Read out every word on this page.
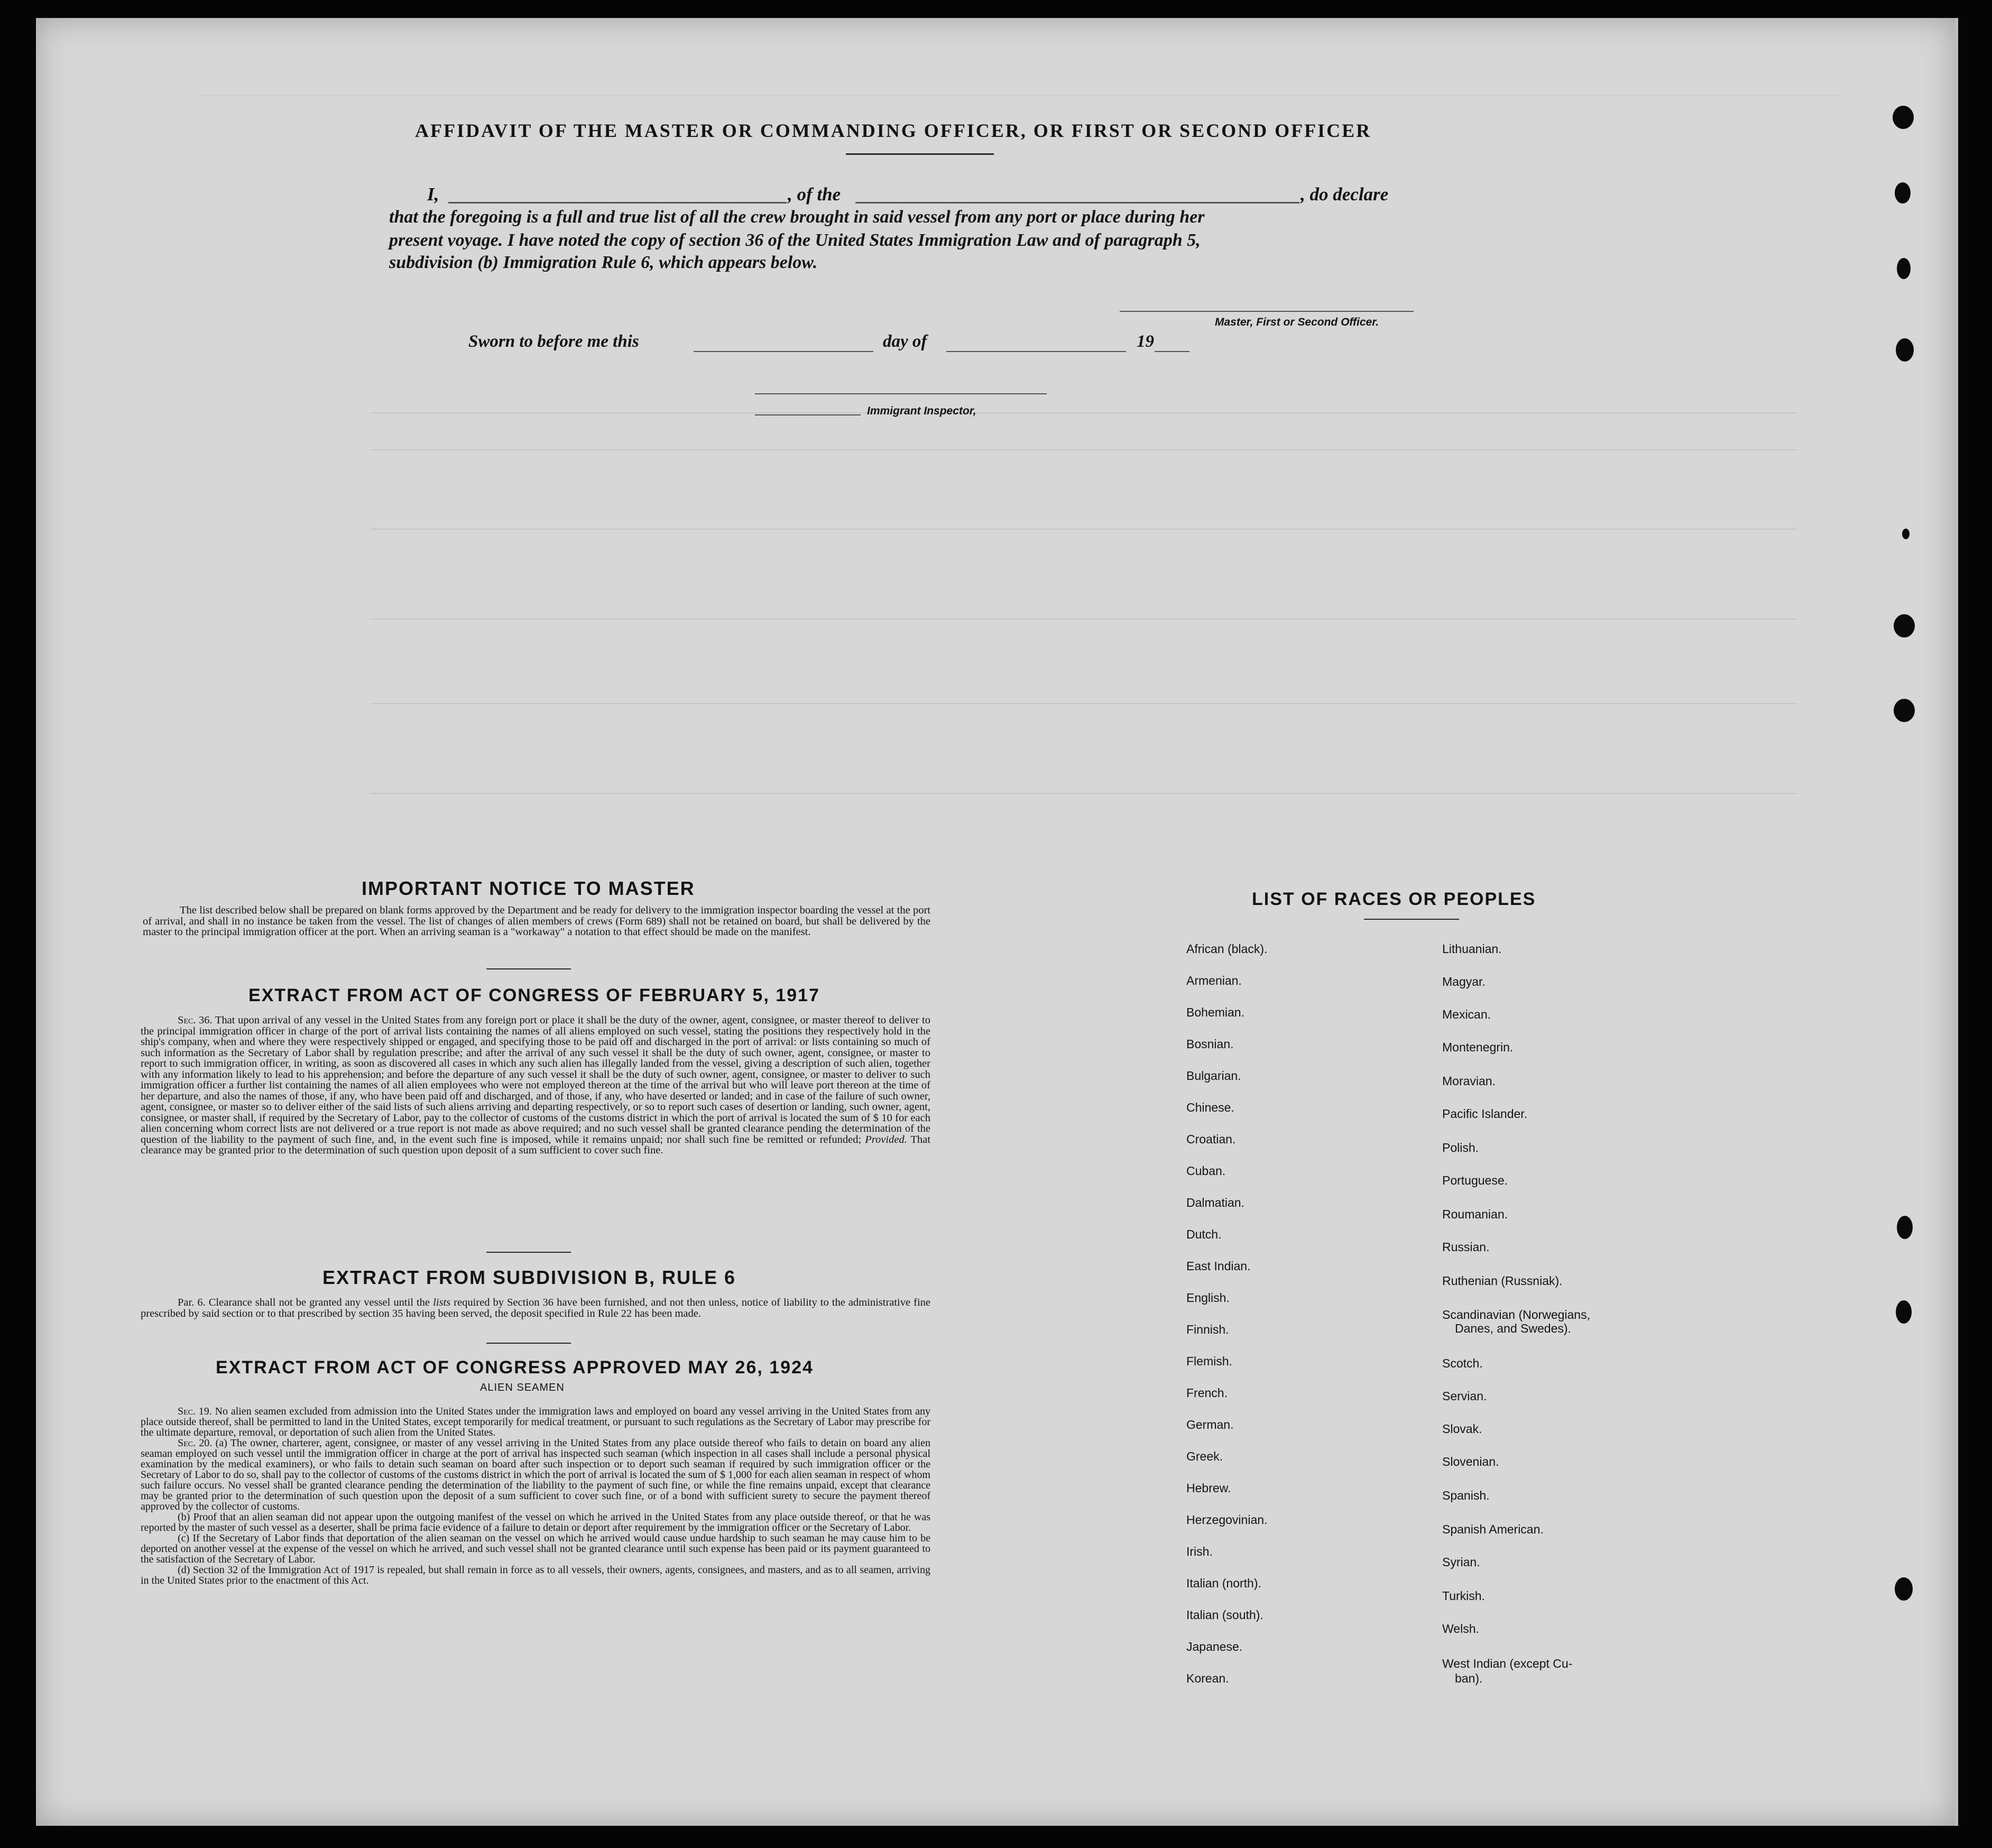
AFFIDAVIT OF THE MASTER OR COMMANDING OFFICER, OR FIRST OR SECOND OFFICER
I,	, of the	, do declare
that the foregoing is a full and true list of all the crew brought in said vessel from any port or place during her
present voyage. I have noted the copy of section 36 of the United States Immigration Law and of paragraph 5,
subdivision (b) Immigration Rule 6, which appears below.
Master, First or Second Officer.
Sworn to before me this	day of	19
Immigrant Inspector,
IMPORTANT NOTICE TO MASTER

The list described below shall be prepared on blank forms approved by the Department and be ready for delivery to the immigration inspector boarding the vessel at the port of arrival, and shall in no instance be taken from the vessel. The list of changes of alien members of crews (Form 689) shall not be retained on board, but shall be delivered by the master to the principal immigration officer at the port. When an arriving seaman is a "workaway" a notation to that effect should be made on the manifest.

EXTRACT FROM ACT OF CONGRESS OF FEBRUARY 5, 1917

Sec. 36. That upon arrival of any vessel in the United States from any foreign port or place it shall be the duty of the owner, agent, consignee, or master thereof to deliver to the principal immigration officer in charge of the port of arrival lists containing the names of all aliens employed on such vessel, stating the positions they respectively hold in the ship's company, when and where they were respectively shipped or engaged, and specifying those to be paid off and discharged in the port of arrival: or lists containing so much of such information as the Secretary of Labor shall by regulation prescribe; and after the arrival of any such vessel it shall be the duty of such owner, agent, consignee, or master to report to such immigration officer, in writing, as soon as discovered all cases in which any such alien has illegally landed from the vessel, giving a description of such alien, together with any information likely to lead to his apprehension; and before the departure of any such vessel it shall be the duty of such owner, agent, consignee, or master to deliver to such immigration officer a further list containing the names of all alien employees who were not employed thereon at the time of the arrival but who will leave port thereon at the time of her departure, and also the names of those, if any, who have been paid off and discharged, and of those, if any, who have deserted or landed; and in case of the failure of such owner, agent, consignee, or master so to deliver either of the said lists of such aliens arriving and departing respectively, or so to report such cases of desertion or landing, such owner, agent, consignee, or master shall, if required by the Secretary of Labor, pay to the collector of customs of the customs district in which the port of arrival is located the sum of $ 10 for each alien concerning whom correct lists are not delivered or a true report is not made as above required; and no such vessel shall be granted clearance pending the determination of the question of the liability to the payment of such fine, and, in the event such fine is imposed, while it remains unpaid; nor shall such fine be remitted or refunded; Provided. That clearance may be granted prior to the determination of such question upon deposit of a sum sufficient to cover such fine.

EXTRACT FROM SUBDIVISION B, RULE 6

Par. 6. Clearance shall not be granted any vessel until the lists required by Section 36 have been furnished, and not then unless, notice of liability to the administrative fine prescribed by said section or to that prescribed by section 35 having been served, the deposit specified in Rule 22 has been made.

EXTRACT FROM ACT OF CONGRESS APPROVED MAY 26, 1924
ALIEN SEAMEN

Sec. 19. No alien seamen excluded from admission into the United States under the immigration laws and employed on board any vessel arriving in the United States from any place outside thereof, shall be permitted to land in the United States, except temporarily for medical treatment, or pursuant to such regulations as the Secretary of Labor may prescribe for the ultimate departure, removal, or deportation of such alien from the United States.

Sec. 20. (a) The owner, charterer, agent, consignee, or master of any vessel arriving in the United States from any place outside thereof who fails to detain on board any alien seaman employed on such vessel until the immigration officer in charge at the port of arrival has inspected such seaman (which inspection in all cases shall include a personal physical examination by the medical examiners), or who fails to detain such seaman on board after such inspection or to deport such seaman if required by such immigration officer or the Secretary of Labor to do so, shall pay to the collector of customs of the customs district in which the port of arrival is located the sum of $ 1,000 for each alien seaman in respect of whom such failure occurs. No vessel shall be granted clearance pending the determination of the liability to the payment of such fine, or while the fine remains unpaid, except that clearance may be granted prior to the determination of such question upon the deposit of a sum sufficient to cover such fine, or of a bond with sufficient surety to secure the payment thereof approved by the collector of customs.

(b) Proof that an alien seaman did not appear upon the outgoing manifest of the vessel on which he arrived in the United States from any place outside thereof, or that he was reported by the master of such vessel as a deserter, shall be prima facie evidence of a failure to detain or deport after requirement by the immigration officer or the Secretary of Labor.

(c) If the Secretary of Labor finds that deportation of the alien seaman on the vessel on which he arrived would cause undue hardship to such seaman he may cause him to be deported on another vessel at the expense of the vessel on which he arrived, and such vessel shall not be granted clearance until such expense has been paid or its payment guaranteed to the satisfaction of the Secretary of Labor.

(d) Section 32 of the Immigration Act of 1917 is repealed, but shall remain in force as to all vessels, their owners, agents, consignees, and masters, and as to all seamen, arriving in the United States prior to the enactment of this Act.

LIST OF RACES OR PEOPLES
African (black).
Armenian.
Bohemian.
Bosnian.
Bulgarian.
Chinese.
Croatian.
Cuban.
Dalmatian.
Dutch.
East Indian.
English.
Finnish.
Flemish.
French.
German.
Greek.
Hebrew.
Herzegovinian.
Irish.
Italian (north).
Italian (south).
Japanese.
Korean.
Lithuanian.
Magyar.
Mexican.
Montenegrin.
Moravian.
Pacific Islander.
Polish.
Portuguese.
Roumanian.
Russian.
Ruthenian (Russniak).
Scandinavian (Norwegians,
Danes, and Swedes).
Scotch.
Servian.
Slovak.
Slovenian.
Spanish.
Spanish American.
Syrian.
Turkish.
Welsh.
West Indian (except Cu-
ban).
